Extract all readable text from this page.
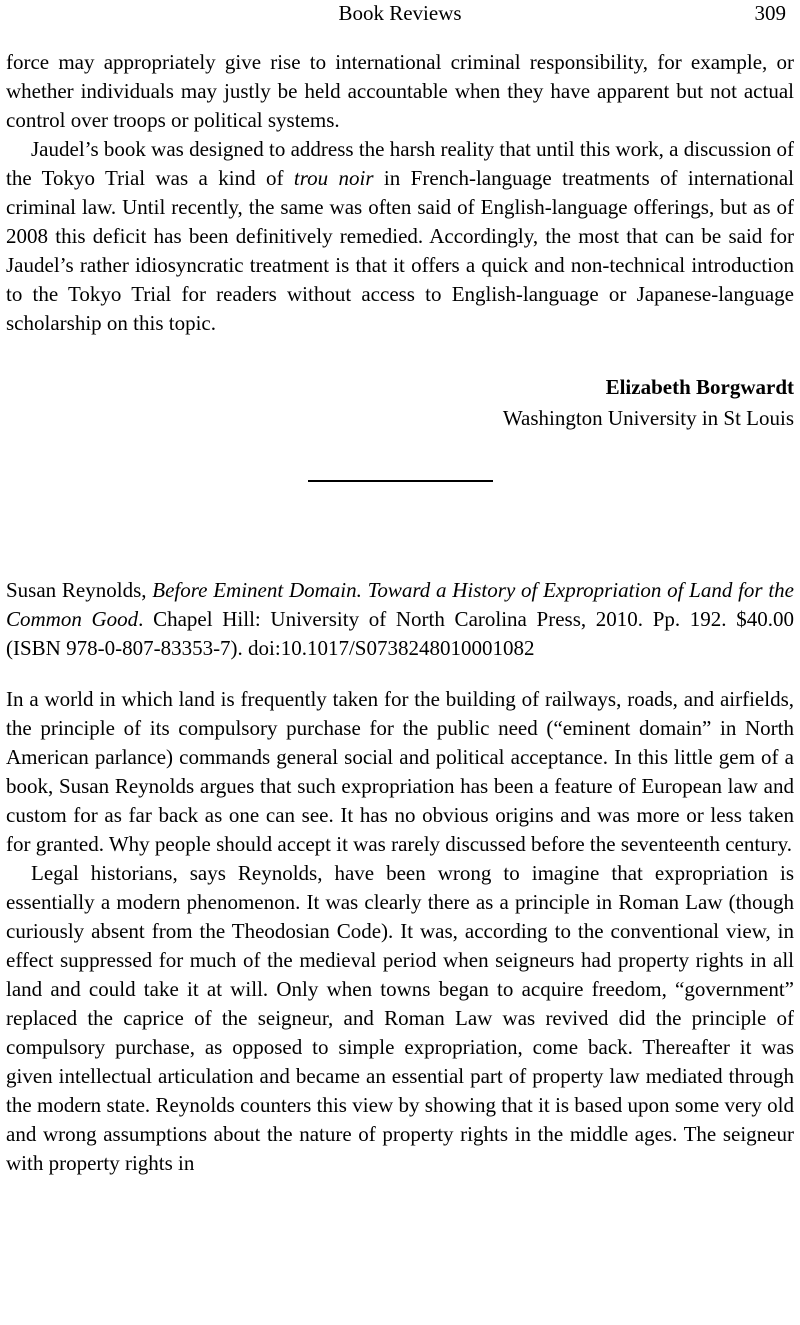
Book Reviews	309

force may appropriately give rise to international criminal responsibility, for example, or whether individuals may justly be held accountable when they have apparent but not actual control over troops or political systems.

Jaudel’s book was designed to address the harsh reality that until this work, a discussion of the Tokyo Trial was a kind of trou noir in French-language treatments of international criminal law. Until recently, the same was often said of English-language offerings, but as of 2008 this deficit has been definitively remedied. Accordingly, the most that can be said for Jaudel’s rather idiosyncratic treatment is that it offers a quick and non-technical introduction to the Tokyo Trial for readers without access to English-language or Japanese-language scholarship on this topic.

Elizabeth Borgwardt
Washington University in St Louis

Susan Reynolds, Before Eminent Domain. Toward a History of Expropriation of Land for the Common Good. Chapel Hill: University of North Carolina Press, 2010. Pp. 192. $40.00 (ISBN 978-0-807-83353-7). doi:10.1017/S0738248010001082

In a world in which land is frequently taken for the building of railways, roads, and airfields, the principle of its compulsory purchase for the public need (“eminent domain” in North American parlance) commands general social and political acceptance. In this little gem of a book, Susan Reynolds argues that such expropriation has been a feature of European law and custom for as far back as one can see. It has no obvious origins and was more or less taken for granted. Why people should accept it was rarely discussed before the seventeenth century.

Legal historians, says Reynolds, have been wrong to imagine that expropriation is essentially a modern phenomenon. It was clearly there as a principle in Roman Law (though curiously absent from the Theodosian Code). It was, according to the conventional view, in effect suppressed for much of the medieval period when seigneurs had property rights in all land and could take it at will. Only when towns began to acquire freedom, “government” replaced the caprice of the seigneur, and Roman Law was revived did the principle of compulsory purchase, as opposed to simple expropriation, come back. Thereafter it was given intellectual articulation and became an essential part of property law mediated through the modern state. Reynolds counters this view by showing that it is based upon some very old and wrong assumptions about the nature of property rights in the middle ages. The seigneur with property rights in
